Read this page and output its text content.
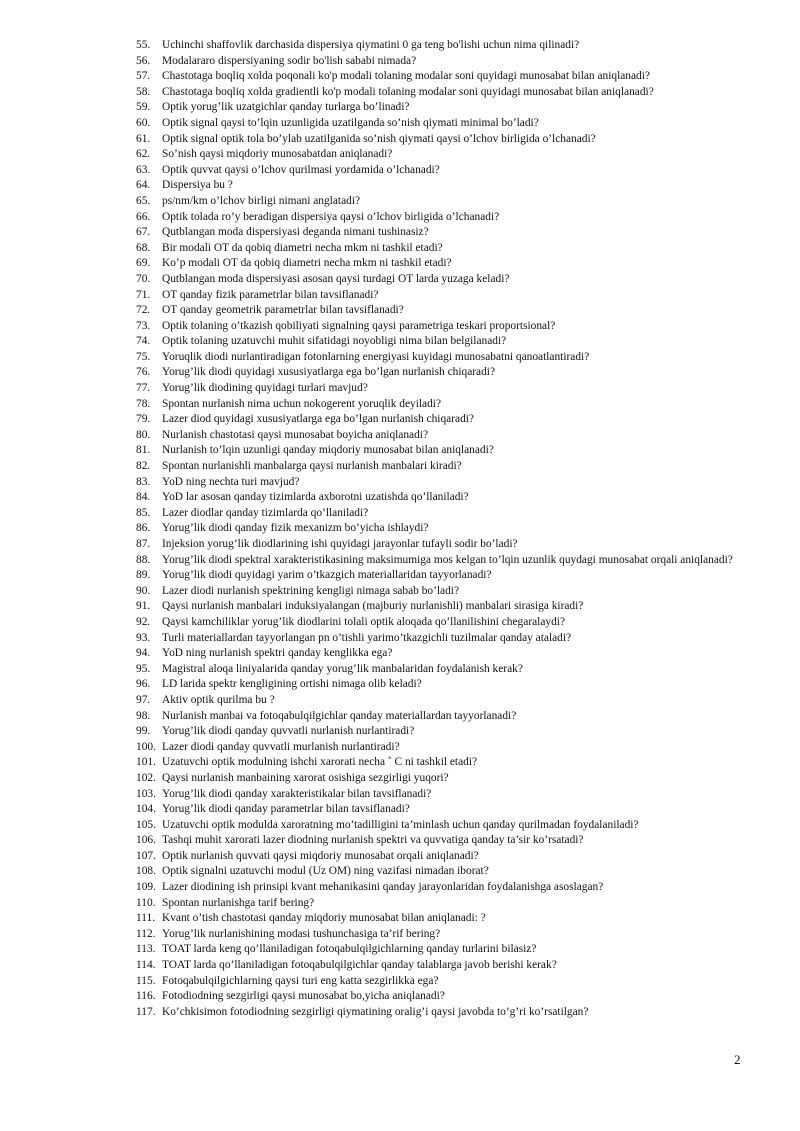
55.	Uchinchi shaffovlik darchasida dispersiya qiymatini 0 ga teng bo'lishi uchun nima qilinadi?
56.	Modalararo dispersiyaning sodir bo'lish sababi nimada?
57.	Chastotaga boqliq xolda poqonali ko'p modali tolaning modalar soni quyidagi munosabat bilan aniqlanadi?
58.	Chastotaga boqliq xolda gradientli ko'p modali tolaning modalar soni quyidagi munosabat bilan aniqlanadi?
59.	Optik yorug’lik uzatgichlar qanday turlarga bo’linadi?
60.	Optik signal qaysi to’lqin uzunligida uzatilganda so’nish qiymati minimal bo’ladi?
61.	Optik signal optik tola bo’ylab uzatilganida so’nish qiymati qaysi o’lchov birligida o’lchanadi?
62.	So’nish qaysi miqdoriy munosabatdan aniqlanadi?
63.	Optik quvvat qaysi o’lchov qurilmasi yordamida o’lchanadi?
64.	Dispersiya bu ?
65.	ps/nm/km o’lchov birligi nimani anglatadi?
66.	Optik tolada ro’y beradigan dispersiya qaysi o’lchov birligida o’lchanadi?
67.	Qutblangan moda dispersiyasi deganda nimani tushinasiz?
68.	Bir modali OT da qobiq diametri necha mkm ni tashkil etadi?
69.	Ko’p modali OT da qobiq diametri necha mkm ni tashkil etadi?
70.	Qutblangan moda dispersiyasi asosan qaysi turdagi OT larda yuzaga keladi?
71.	OT qanday fizik parametrlar bilan tavsiflanadi?
72.	OT qanday geometrik parametrlar bilan tavsiflanadi?
73.	Optik tolaning o’tkazish qobiliyati signalning qaysi parametriga teskari proportsional?
74.	Optik tolaning uzatuvchi muhit sifatidagi noyobligi nima bilan belgilanadi?
75.	Yoruqlik diodi nurlantiradigan fotonlarning energiyasi kuyidagi munosabatni qanoatlantiradi?
76.	Yorug’lik diodi quyidagi xususiyatlarga ega bo’lgan nurlanish chiqaradi?
77.	Yorug’lik diodining quyidagi turlari mavjud?
78.	Spontan nurlanish nima uchun nokogerent yoruqlik deyiladi?
79.	Lazer diod quyidagi xususiyatlarga ega bo’lgan nurlanish chiqaradi?
80.	Nurlanish chastotasi qaysi munosabat boyicha aniqlanadi?
81.	Nurlanish to’lqin uzunligi qanday miqdoriy munosabat bilan aniqlanadi?
82.	Spontan nurlanishli manbalarga qaysi nurlanish manbalari kiradi?
83.	YoD ning nechta turi mavjud?
84.	YoD lar asosan qanday tizimlarda axborotni uzatishda qo’llaniladi?
85.	Lazer diodlar qanday tizimlarda qo’llaniladi?
86.	Yorug’lik diodi qanday fizik mexanizm bo’yicha ishlaydi?
87.	Injeksion yorug’lik diodlarining ishi quyidagi jarayonlar tufayli sodir bo’ladi?
88.	Yorug’lik diodi spektral xarakteristikasining maksimumiga mos kelgan to’lqin uzunlik quydagi munosabat orqali aniqlanadi?
89.	Yorug’lik diodi quyidagi yarim o’tkazgich materiallaridan tayyorlanadi?
90.	Lazer diodi nurlanish spektrining kengligi nimaga sabab bo’ladi?
91.	Qaysi nurlanish manbalari induksiyalangan (majburiy nurlanishli) manbalari sirasiga kiradi?
92.	Qaysi kamchiliklar yorug’lik diodlarini tolali optik aloqada qo’llanilishini chegaralaydi?
93.	Turli materiallardan tayyorlangan pn o’tishli yarimo’tkazgichli tuzilmalar qanday ataladi?
94.	YoD ning nurlanish spektri qanday kenglikka ega?
95.	Magistral aloqa liniyalarida qanday yorug’lik manbalaridan foydalanish kerak?
96.	LD larida spektr kengligining ortishi nimaga olib keladi?
97.	Aktiv optik qurilma bu ?
98.	Nurlanish manbai va fotoqabulqilgichlar qanday materiallardan tayyorlanadi?
99.	Yorug’lik diodi qanday quvvatli nurlanish nurlantiradi?
100. Lazer diodi qanday quvvatli murlanish nurlantiradi?
101. Uzatuvchi optik modulning ishchi xarorati necha ˚ C ni tashkil etadi?
102. Qaysi nurlanish manbaining xarorat osishiga sezgirligi yuqori?
103. Yorug’lik diodi qanday xarakteristikalar bilan tavsiflanadi?
104. Yorug’lik diodi qanday parametrlar bilan tavsiflanadi?
105. Uzatuvchi optik modulda xaroratning mo’tadilligini ta’minlash uchun qanday qurilmadan foydalaniladi?
106. Tashqi muhit xarorati lazer diodning nurlanish spektri va quvvatiga qanday ta’sir ko’rsatadi?
107. Optik nurlanish quvvati qaysi miqdoriy munosabat orqali aniqlanadi?
108. Optik signalni uzatuvchi modul (Uz OM) ning vazifasi nimadan iborat?
109. Lazer diodining ish prinsipi kvant mehanikasini qanday jarayonlaridan foydalanishga asoslagan?
110. Spontan nurlanishga tarif bering?
111. Kvant o’tish chastotasi qanday miqdoriy munosabat bilan aniqlanadi: ?
112. Yorug’lik nurlanishining modasi tushunchasiga ta’rif bering?
113. TOAT larda keng qo’llaniladigan fotoqabulqilgichlarning qanday turlarini bilasiz?
114. TOAT larda qo’llaniladigan fotoqabulqilgichlar qanday talablarga javob berishi kerak?
115. Fotoqabulqilgichlarning qaysi turi eng katta sezgirlikka ega?
116. Fotodiodning sezgirligi qaysi munosabat bo,yicha aniqlanadi?
117. Ko’chkisimon fotodiodning sezgirligi qiymatining oralig’i qaysi javobda to’g’ri ko’rsatilgan?
2
